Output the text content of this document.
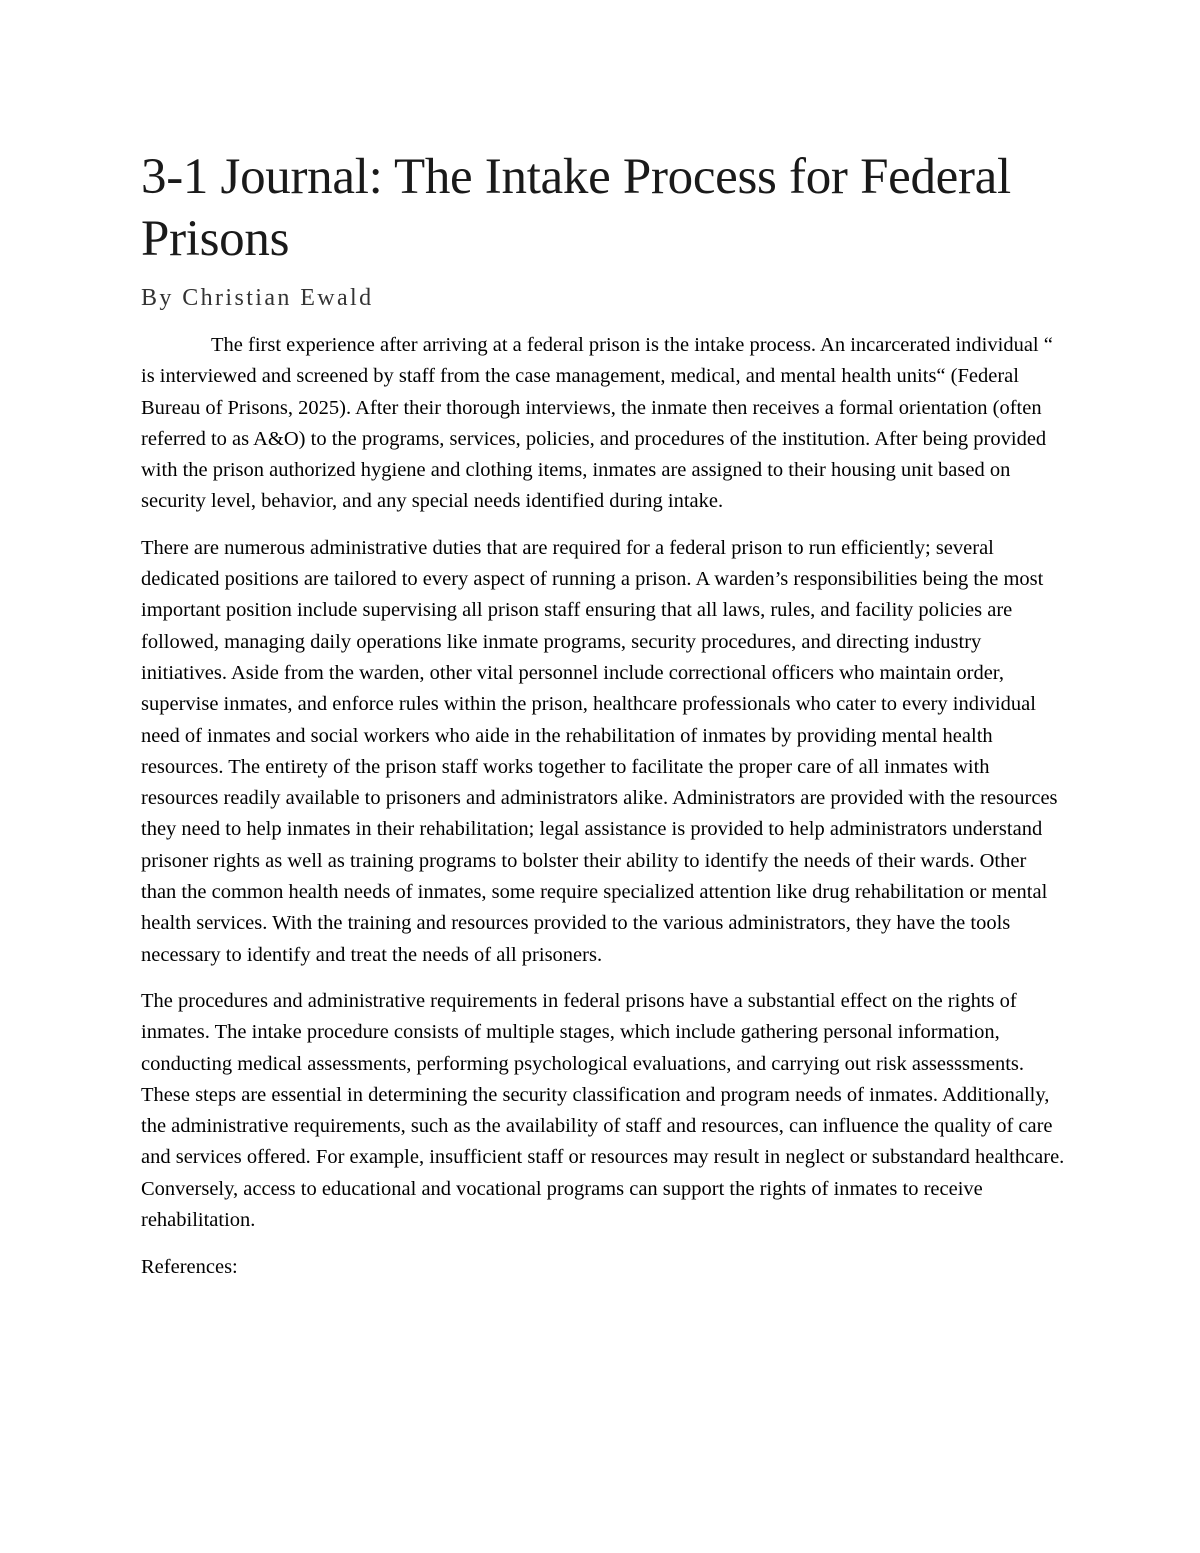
3-1 Journal: The Intake Process for Federal Prisons

By Christian Ewald

The first experience after arriving at a federal prison is the intake process. An incarcerated individual “ is interviewed and screened by staff from the case management, medical, and mental health units“ (Federal Bureau of Prisons, 2025). After their thorough interviews, the inmate then receives a formal orientation (often referred to as A&O) to the programs, services, policies, and procedures of the institution. After being provided with the prison authorized hygiene and clothing items, inmates are assigned to their housing unit based on security level, behavior, and any special needs identified during intake.

There are numerous administrative duties that are required for a federal prison to run efficiently; several dedicated positions are tailored to every aspect of running a prison. A warden’s responsibilities being the most important position include supervising all prison staff ensuring that all laws, rules, and facility policies are followed, managing daily operations like inmate programs, security procedures, and directing industry initiatives. Aside from the warden, other vital personnel include correctional officers who maintain order, supervise inmates, and enforce rules within the prison, healthcare professionals who cater to every individual need of inmates and social workers who aide in the rehabilitation of inmates by providing mental health resources. The entirety of the prison staff works together to facilitate the proper care of all inmates with resources readily available to prisoners and administrators alike. Administrators are provided with the resources they need to help inmates in their rehabilitation; legal assistance is provided to help administrators understand prisoner rights as well as training programs to bolster their ability to identify the needs of their wards. Other than the common health needs of inmates, some require specialized attention like drug rehabilitation or mental health services. With the training and resources provided to the various administrators, they have the tools necessary to identify and treat the needs of all prisoners.

The procedures and administrative requirements in federal prisons have a substantial effect on the rights of inmates. The intake procedure consists of multiple stages, which include gathering personal information, conducting medical assessments, performing psychological evaluations, and carrying out risk assesssments. These steps are essential in determining the security classification and program needs of inmates. Additionally, the administrative requirements, such as the availability of staff and resources, can influence the quality of care and services offered. For example, insufficient staff or resources may result in neglect or substandard healthcare. Conversely, access to educational and vocational programs can support the rights of inmates to receive rehabilitation.

References:
